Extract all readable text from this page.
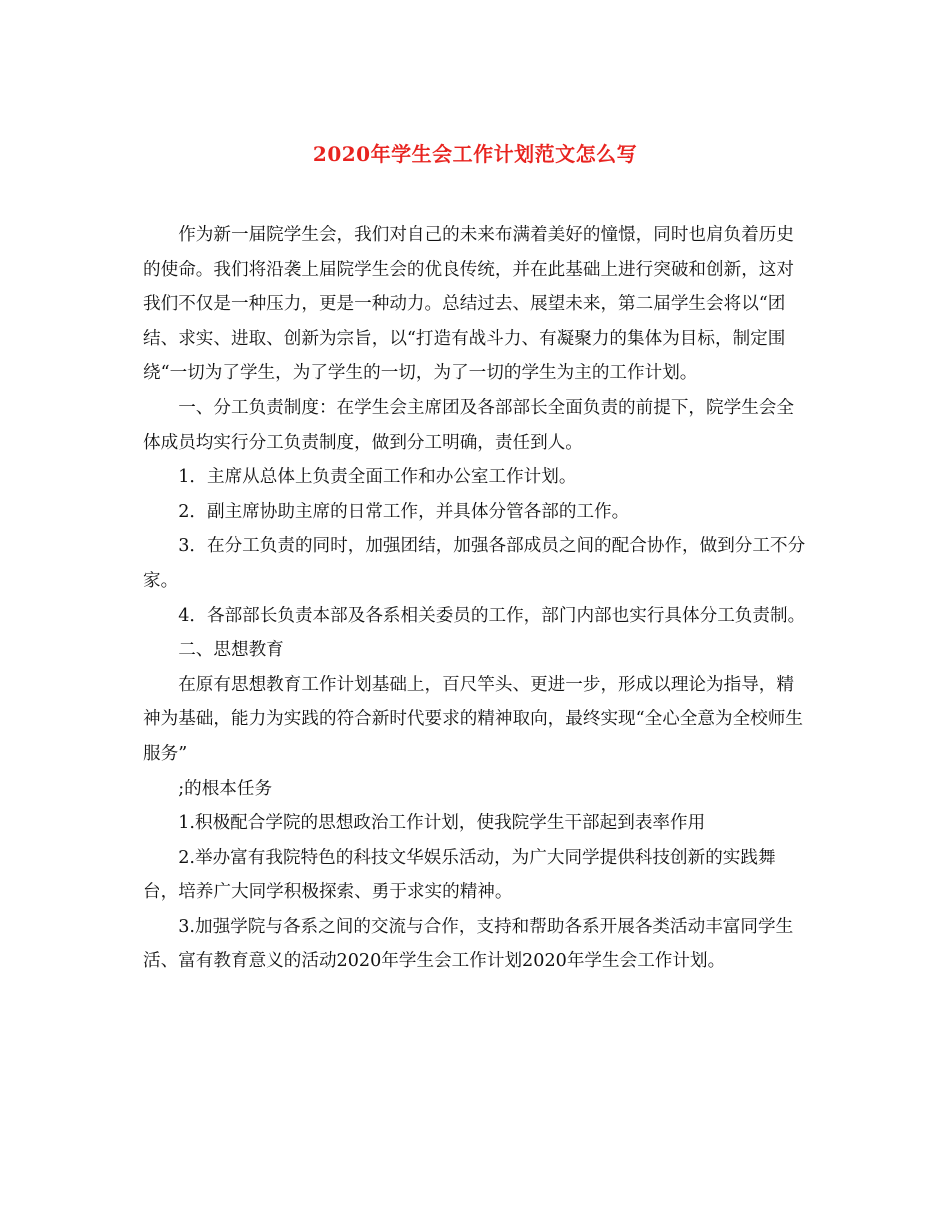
2020年学生会工作计划范文怎么写

作为新一届院学生会，我们对自己的未来布满着美好的憧憬，同时也肩负着历史的使命。我们将沿袭上届院学生会的优良传统，并在此基础上进行突破和创新，这对我们不仅是一种压力，更是一种动力。总结过去、展望未来，第二届学生会将以“团结、求实、进取、创新为宗旨，以“打造有战斗力、有凝聚力的集体为目标，制定围绕“一切为了学生，为了学生的一切，为了一切的学生为主的工作计划。

一、分工负责制度：在学生会主席团及各部部长全面负责的前提下，院学生会全体成员均实行分工负责制度，做到分工明确，责任到人。

1．主席从总体上负责全面工作和办公室工作计划。

2．副主席协助主席的日常工作，并具体分管各部的工作。

3．在分工负责的同时，加强团结，加强各部成员之间的配合协作，做到分工不分家。

4．各部部长负责本部及各系相关委员的工作，部门内部也实行具体分工负责制。

二、思想教育

在原有思想教育工作计划基础上，百尺竿头、更进一步，形成以理论为指导，精神为基础，能力为实践的符合新时代要求的精神取向，最终实现“全心全意为全校师生服务”

;的根本任务

1.积极配合学院的思想政治工作计划，使我院学生干部起到表率作用

2.举办富有我院特色的科技文华娱乐活动，为广大同学提供科技创新的实践舞台，培养广大同学积极探索、勇于求实的精神。

3.加强学院与各系之间的交流与合作，支持和帮助各系开展各类活动丰富同学生活、富有教育意义的活动2020年学生会工作计划2020年学生会工作计划。
